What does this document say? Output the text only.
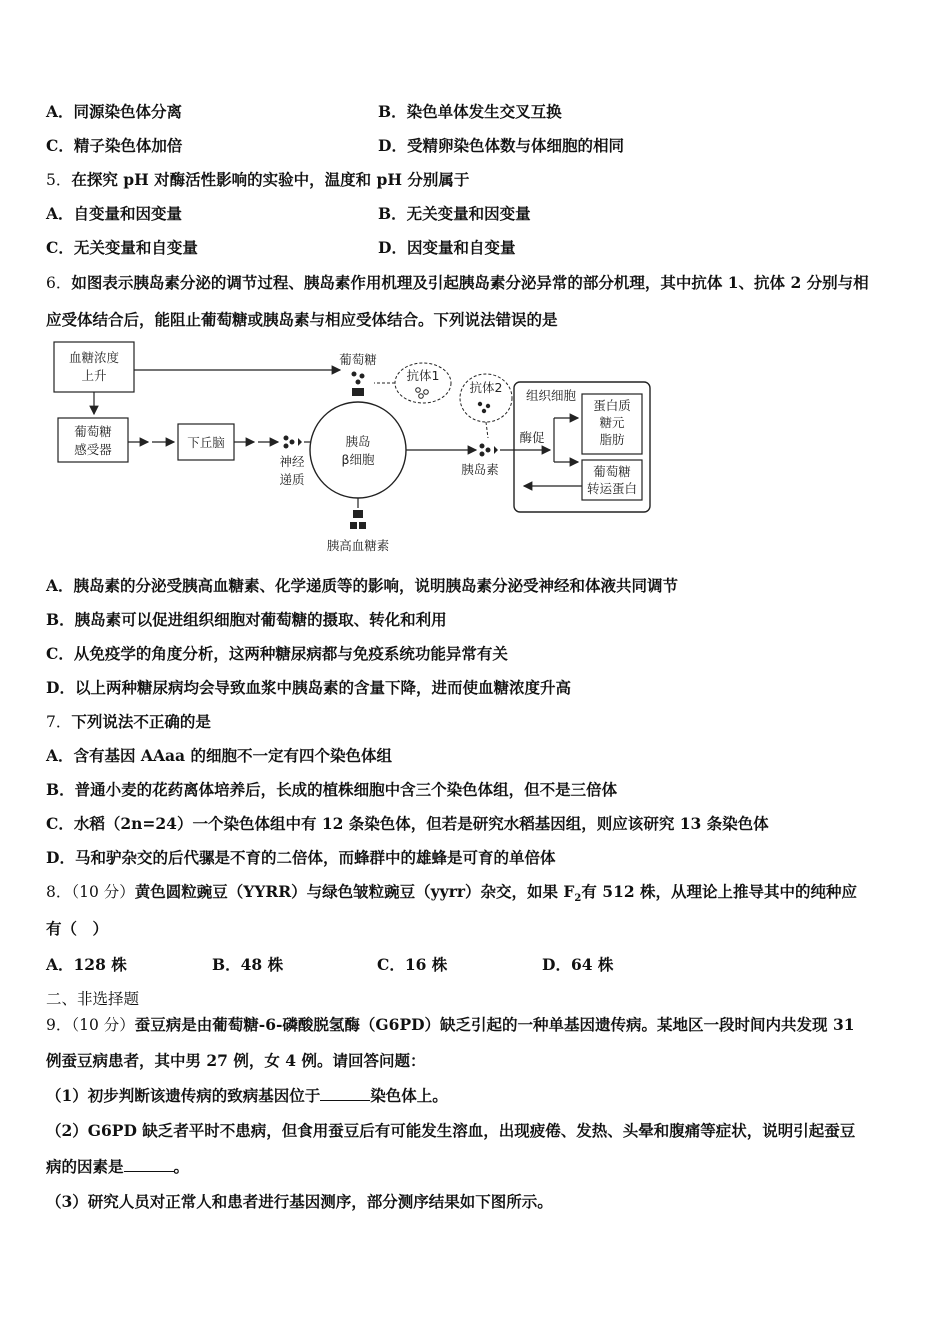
A．同源染色体分离	B．染色单体发生交叉互换
C．精子染色体加倍	D．受精卵染色体数与体细胞的相同
5．在探究 pH 对酶活性影响的实验中，温度和 pH 分别属于
A．自变量和因变量	B．无关变量和因变量
C．无关变量和自变量	D．因变量和自变量
6．如图表示胰岛素分泌的调节过程、胰岛素作用机理及引起胰岛素分泌异常的部分机理，其中抗体 1、抗体 2 分别与相
应受体结合后，能阻止葡萄糖或胰岛素与相应受体结合。下列说法错误的是
血糖浓度
上升
葡萄糖
感受器	下丘脑
神经
递质
胰岛
β细胞
葡萄糖
抗体1
抗体2
胰高血糖素
胰岛素
组织细胞
酶促
蛋白质
糖元
脂肪
葡萄糖
转运蛋白
A．胰岛素的分泌受胰高血糖素、化学递质等的影响，说明胰岛素分泌受神经和体液共同调节
B．胰岛素可以促进组织细胞对葡萄糖的摄取、转化和利用
C．从免疫学的角度分析，这两种糖尿病都与免疫系统功能异常有关
D．以上两种糖尿病均会导致血浆中胰岛素的含量下降，进而使血糖浓度升高
7．下列说法不正确的是
A．含有基因 AAaa 的细胞不一定有四个染色体组
B．普通小麦的花药离体培养后，长成的植株细胞中含三个染色体组，但不是三倍体
C．水稻（2n=24）一个染色体组中有 12 条染色体，但若是研究水稻基因组，则应该研究 13 条染色体
D．马和驴杂交的后代骡是不育的二倍体，而蜂群中的雄蜂是可育的单倍体
8．（10 分）黄色圆粒豌豆（YYRR）与绿色皱粒豌豆（yyrr）杂交，如果 $F_2$有 512 株，从理论上推导其中的纯种应
有（　）
A．128 株	B．48 株	C．16 株	D．64 株
二、非选择题
9．（10 分）蚕豆病是由葡萄糖-6-磷酸脱氢酶（G6PD）缺乏引起的一种单基因遗传病。某地区一段时间内共发现 31
例蚕豆病患者，其中男 27 例，女 4 例。请回答问题：
（1）初步判断该遗传病的致病基因位于	染色体上。
（2）G6PD 缺乏者平时不患病，但食用蚕豆后有可能发生溶血，出现疲倦、发热、头晕和腹痛等症状，说明引起蚕豆
病的因素是	。
（3）研究人员对正常人和患者进行基因测序，部分测序结果如下图所示。
